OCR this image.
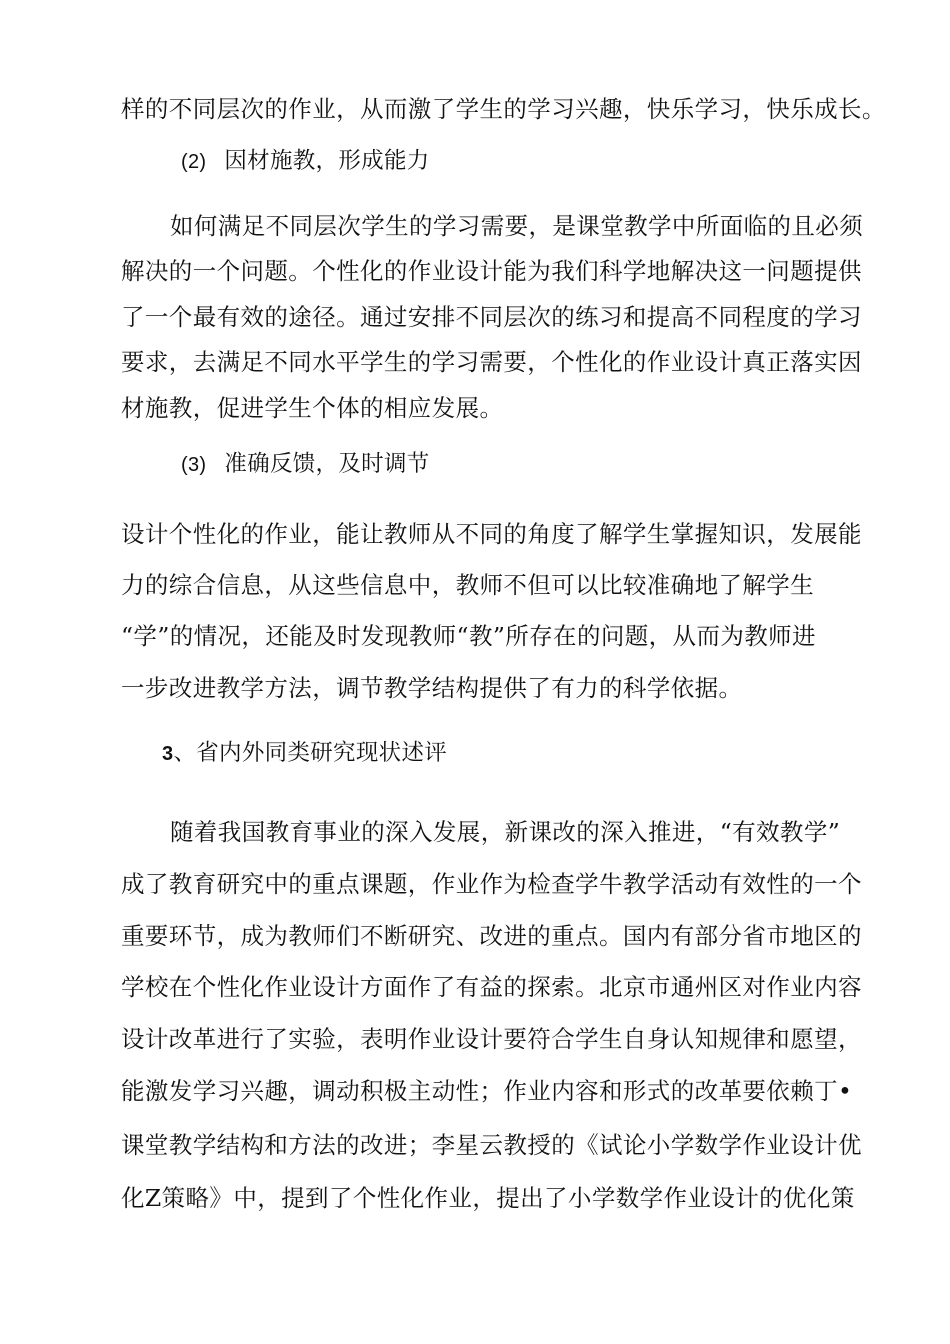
样的不同层次的作业，从而激了学生的学习兴趣，快乐学习，快乐成长。

(2) 因材施教，形成能力

如何满足不同层次学生的学习需要，是课堂教学中所面临的且必须

解决的一个问题。个性化的作业设计能为我们科学地解决这一问题提供

了一个最有效的途径。通过安排不同层次的练习和提高不同程度的学习

要求，去满足不同水平学生的学习需要，个性化的作业设计真正落实因

材施教，促进学生个体的相应发展。

(3) 准确反馈，及时调节

设计个性化的作业，能让教师从不同的角度了解学生掌握知识，发展能

力的综合信息，从这些信息中，教师不但可以比较准确地了解学生

“学”的情况，还能及时发现教师“教”所存在的问题，从而为教师进

一步改进教学方法，调节教学结构提供了有力的科学依据。

3、省内外同类研究现状述评

随着我国教育事业的深入发展，新课改的深入推进，“有效教学”

成了教育研究中的重点课题，作业作为检查学牛教学活动有效性的一个

重要环节，成为教师们不断研究、改进的重点。国内有部分省市地区的

学校在个性化作业设计方面作了有益的探索。北京市通州区对作业内容

设计改革进行了实验，表明作业设计要符合学生自身认知规律和愿望，

能激发学习兴趣，调动积极主动性；作业内容和形式的改革要依赖丁•

课堂教学结构和方法的改进；李星云教授的《试论小学数学作业设计优

化Z策略》中，提到了个性化作业，提出了小学数学作业设计的优化策
